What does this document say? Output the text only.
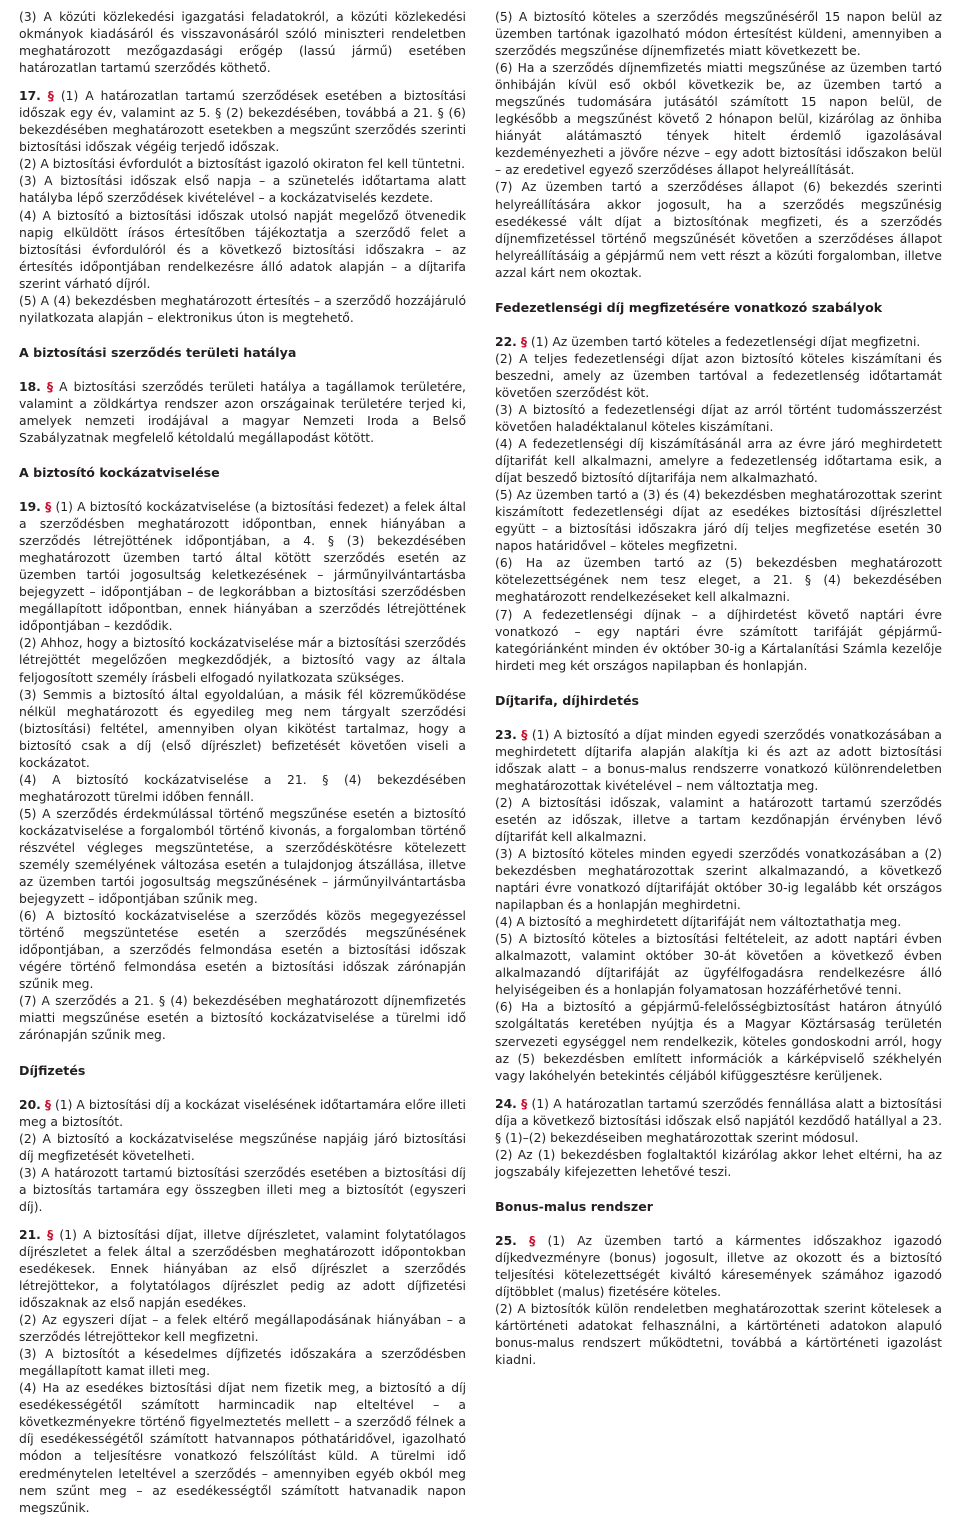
(3) A közúti közlekedési igazgatási feladatokról, a közúti közlekedési okmányok kiadásáról és visszavonásáról szóló miniszteri rendeletben meghatározott mezőgazdasági erőgép (lassú jármű) esetében határozatlan tartamú szerződés köthető.

17. § (1) A határozatlan tartamú szerződések esetében a biztosítási időszak egy év, valamint az 5. § (2) bekezdésében, továbbá a 21. § (6) bekezdésében meghatározott esetekben a megszűnt szerződés szerinti biztosítási időszak végéig terjedő időszak.

(2) A biztosítási évfordulót a biztosítást igazoló okiraton fel kell tüntetni.

(3) A biztosítási időszak első napja – a szünetelés időtartama alatt hatályba lépő szerződések kivételével – a kockázatviselés kezdete.

(4) A biztosító a biztosítási időszak utolsó napját megelőző ötvenedik napig elküldött írásos értesítőben tájékoztatja a szerződő felet a biztosítási évfordulóról és a következő biztosítási időszakra – az értesítés időpontjában rendelkezésre álló adatok alapján – a díjtarifa szerint várható díjról.

(5) A (4) bekezdésben meghatározott értesítés – a szerződő hozzájáruló nyilatkozata alapján – elektronikus úton is megtehető.

A biztosítási szerződés területi hatálya

18. § A biztosítási szerződés területi hatálya a tagállamok területére, valamint a zöldkártya rendszer azon országainak területére terjed ki, amelyek nemzeti irodájával a magyar Nemzeti Iroda a Belső Szabályzatnak megfelelő kétoldalú megállapodást kötött.

A biztosító kockázatviselése

19. § (1) A biztosító kockázatviselése (a biztosítási fedezet) a felek által a szerződésben meghatározott időpontban, ennek hiányában a szerződés létrejöttének időpontjában, a 4. § (3) bekezdésében meghatározott üzemben tartó által kötött szerződés esetén az üzemben tartói jogosultság keletkezésének – járműnyilvántartásba bejegyzett – időpontjában – de legkorábban a biztosítási szerződésben megállapított időpontban, ennek hiányában a szerződés létrejöttének időpontjában – kezdődik.

(2) Ahhoz, hogy a biztosító kockázatviselése már a biztosítási szerződés létrejöttét megelőzően megkezdődjék, a biztosító vagy az általa feljogosított személy írásbeli elfogadó nyilatkozata szükséges.

(3) Semmis a biztosító által egyoldalúan, a másik fél közreműködése nélkül meghatározott és egyedileg meg nem tárgyalt szerződési (biztosítási) feltétel, amennyiben olyan kikötést tartalmaz, hogy a biztosító csak a díj (első díjrészlet) befizetését követően viseli a kockázatot.

(4) A biztosító kockázatviselése a 21. § (4) bekezdésében meghatározott türelmi időben fennáll.

(5) A szerződés érdekmúlással történő megszűnése esetén a biztosító kockázatviselése a forgalomból történő kivonás, a forgalomban történő részvétel végleges megszüntetése, a szerződéskötésre kötelezett személy személyének változása esetén a tulajdonjog átszállása, illetve az üzemben tartói jogosultság megszűnésének – járműnyilvántartásba bejegyzett – időpontjában szűnik meg.

(6) A biztosító kockázatviselése a szerződés közös megegyezéssel történő megszüntetése esetén a szerződés megszűnésének időpontjában, a szerződés felmondása esetén a biztosítási időszak végére történő felmondása esetén a biztosítási időszak zárónapján szűnik meg.

(7) A szerződés a 21. § (4) bekezdésében meghatározott díjnemfizetés miatti megszűnése esetén a biztosító kockázatviselése a türelmi idő zárónapján szűnik meg.

Díjfizetés

20. § (1) A biztosítási díj a kockázat viselésének időtartamára előre illeti meg a biztosítót.

(2) A biztosító a kockázatviselése megszűnése napjáig járó biztosítási díj megfizetését követelheti.

(3) A határozott tartamú biztosítási szerződés esetében a biztosítási díj a biztosítás tartamára egy összegben illeti meg a biztosítót (egyszeri díj).

21. § (1) A biztosítási díjat, illetve díjrészletet, valamint folytatólagos díjrészletet a felek által a szerződésben meghatározott időpontokban esedékesek. Ennek hiányában az első díjrészlet a szerződés létrejöttekor, a folytatólagos díjrészlet pedig az adott díjfizetési időszaknak az első napján esedékes.

(2) Az egyszeri díjat – a felek eltérő megállapodásának hiányában – a szerződés létrejöttekor kell megfizetni.

(3) A biztosítót a késedelmes díjfizetés időszakára a szerződésben megállapított kamat illeti meg.

(4) Ha az esedékes biztosítási díjat nem fizetik meg, a biztosító a díj esedékességétől számított harmincadik nap elteltével – a következményekre történő figyelmeztetés mellett – a szerződő félnek a díj esedékességétől számított hatvannapos póthatáridővel, igazolható módon a teljesítésre vonatkozó felszólítást küld. A türelmi idő eredménytelen leteltével a szerződés – amennyiben egyéb okból meg nem szűnt meg – az esedékességtől számított hatvanadik napon megszűnik.

(5) A biztosító köteles a szerződés megszűnéséről 15 napon belül az üzemben tartónak igazolható módon értesítést küldeni, amennyiben a szerződés megszűnése díjnemfizetés miatt következett be.

(6) Ha a szerződés díjnemfizetés miatti megszűnése az üzemben tartó önhibáján kívül eső okból következik be, az üzemben tartó a megszűnés tudomására jutásától számított 15 napon belül, de legkésőbb a megszűnést követő 2 hónapon belül, kizárólag az önhiba hiányát alátámasztó tények hitelt érdemlő igazolásával kezdeményezheti a jövőre nézve – egy adott biztosítási időszakon belül – az eredetivel egyező szerződéses állapot helyreállítását.

(7) Az üzemben tartó a szerződéses állapot (6) bekezdés szerinti helyreállítására akkor jogosult, ha a szerződés megszűnésig esedékessé vált díjat a biztosítónak megfizeti, és a szerződés díjnemfizetéssel történő megszűnését követően a szerződéses állapot helyreállításáig a gépjármű nem vett részt a közúti forgalomban, illetve azzal kárt nem okoztak.

Fedezetlenségi díj megfizetésére vonatkozó szabályok

22. § (1) Az üzemben tartó köteles a fedezetlenségi díjat megfizetni.

(2) A teljes fedezetlenségi díjat azon biztosító köteles kiszámítani és beszedni, amely az üzemben tartóval a fedezetlenség időtartamát követően szerződést köt.

(3) A biztosító a fedezetlenségi díjat az arról történt tudomásszerzést követően haladéktalanul köteles kiszámítani.

(4) A fedezetlenségi díj kiszámításánál arra az évre járó meghirdetett díjtarifát kell alkalmazni, amelyre a fedezetlenség időtartama esik, a díjat beszedő biztosító díjtarifája nem alkalmazható.

(5) Az üzemben tartó a (3) és (4) bekezdésben meghatározottak szerint kiszámított fedezetlenségi díjat az esedékes biztosítási díjrészlettel együtt – a biztosítási időszakra járó díj teljes megfizetése esetén 30 napos határidővel – köteles megfizetni.

(6) Ha az üzemben tartó az (5) bekezdésben meghatározott kötelezettségének nem tesz eleget, a 21. § (4) bekezdésében meghatározott rendelkezéseket kell alkalmazni.

(7) A fedezetlenségi díjnak – a díjhirdetést követő naptári évre vonatkozó – egy naptári évre számított tarifáját gépjármű-kategóriánként minden év október 30-ig a Kártalanítási Számla kezelője hirdeti meg két országos napilapban és honlapján.

Díjtarifa, díjhirdetés

23. § (1) A biztosító a díjat minden egyedi szerződés vonatkozásában a meghirdetett díjtarifa alapján alakítja ki és azt az adott biztosítási időszak alatt – a bonus-malus rendszerre vonatkozó különrendeletben meghatározottak kivételével – nem változtatja meg.

(2) A biztosítási időszak, valamint a határozott tartamú szerződés esetén az időszak, illetve a tartam kezdőnapján érvényben lévő díjtarifát kell alkalmazni.

(3) A biztosító köteles minden egyedi szerződés vonatkozásában a (2) bekezdésben meghatározottak szerint alkalmazandó, a következő naptári évre vonatkozó díjtarifáját október 30-ig legalább két országos napilapban és a honlapján meghirdetni.

(4) A biztosító a meghirdetett díjtarifáját nem változtathatja meg.

(5) A biztosító köteles a biztosítási feltételeit, az adott naptári évben alkalmazott, valamint október 30-át követően a következő évben alkalmazandó díjtarifáját az ügyfélfogadásra rendelkezésre álló helyiségeiben és a honlapján folyamatosan hozzáférhetővé tenni.

(6) Ha a biztosító a gépjármű-felelősségbiztosítást határon átnyúló szolgáltatás keretében nyújtja és a Magyar Köztársaság területén szervezeti egységgel nem rendelkezik, köteles gondoskodni arról, hogy az (5) bekezdésben említett információk a kárképviselő székhelyén vagy lakóhelyén betekintés céljából kifüggesztésre kerüljenek.

24. § (1) A határozatlan tartamú szerződés fennállása alatt a biztosítási díja a következő biztosítási időszak első napjától kezdődő hatállyal a 23. § (1)–(2) bekezdéseiben meghatározottak szerint módosul.

(2) Az (1) bekezdésben foglaltaktól kizárólag akkor lehet eltérni, ha az jogszabály kifejezetten lehetővé teszi.

Bonus-malus rendszer

25. § (1) Az üzemben tartó a kármentes időszakhoz igazodó díjkedvezményre (bonus) jogosult, illetve az okozott és a biztosító teljesítési kötelezettségét kiváltó káresemények számához igazodó díjtöbblet (malus) fizetésére köteles.

(2) A biztosítók külön rendeletben meghatározottak szerint kötelesek a kártörténeti adatokat felhasználni, a kártörténeti adatokon alapuló bonus-malus rendszert működtetni, továbbá a kártörténeti igazolást kiadni.
